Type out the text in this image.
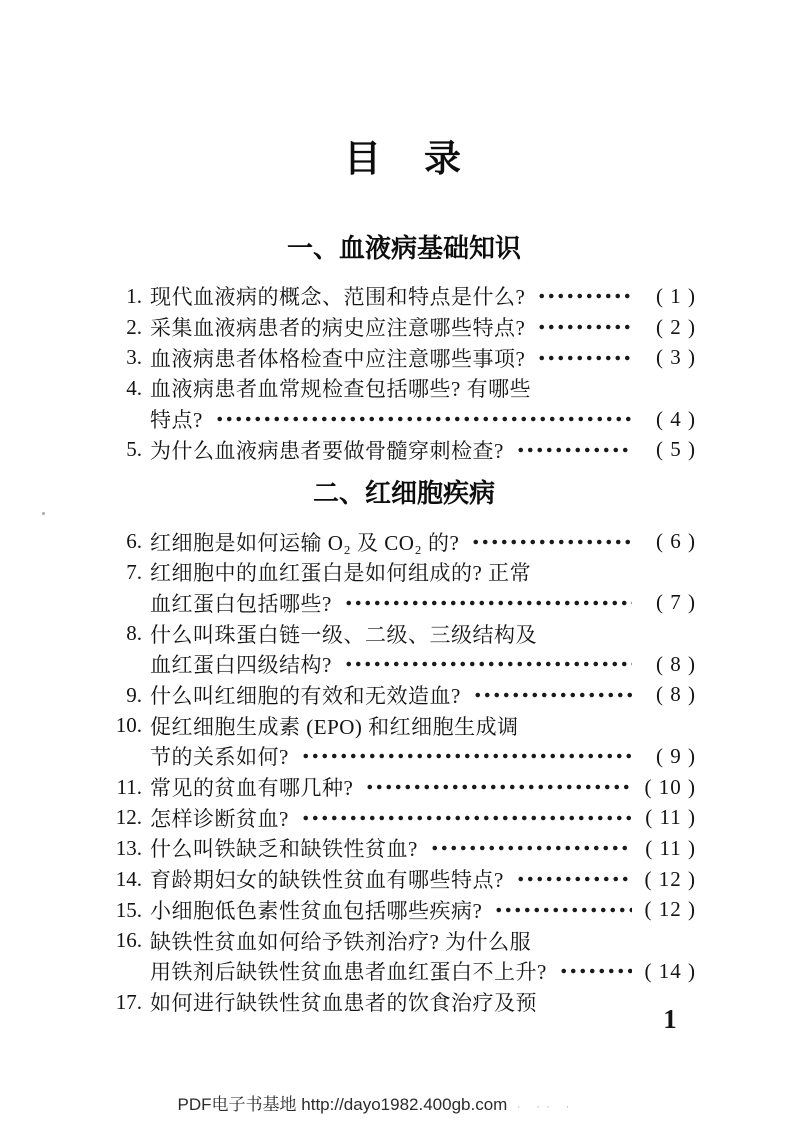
目　录
一、血液病基础知识
1. 现代血液病的概念、范围和特点是什么?	( 1 )
2. 采集血液病患者的病史应注意哪些特点?	( 2 )
3. 血液病患者体格检查中应注意哪些事项?	( 3 )
4. 血液病患者血常规检查包括哪些? 有哪些
特点?	( 4 )
5. 为什么血液病患者要做骨髓穿刺检查?	( 5 )
二、红细胞疾病
6. 红细胞是如何运输 O₂ 及 CO₂ 的?	( 6 )
7. 红细胞中的血红蛋白是如何组成的? 正常
血红蛋白包括哪些?	( 7 )
8. 什么叫珠蛋白链一级、二级、三级结构及
血红蛋白四级结构?	( 8 )
9. 什么叫红细胞的有效和无效造血?	( 8 )
10. 促红细胞生成素 (EPO) 和红细胞生成调
节的关系如何?	( 9 )
11. 常见的贫血有哪几种?	( 10 )
12. 怎样诊断贫血?	( 11 )
13. 什么叫铁缺乏和缺铁性贫血?	( 11 )
14. 育龄期妇女的缺铁性贫血有哪些特点?	( 12 )
15. 小细胞低色素性贫血包括哪些疾病?	( 12 )
16. 缺铁性贫血如何给予铁剂治疗? 为什么服
用铁剂后缺铁性贫血患者血红蛋白不上升?	( 14 )
17. 如何进行缺铁性贫血患者的饮食治疗及预
1
PDF电子书基地 http://dayo1982.400gb.com · ·· ·
